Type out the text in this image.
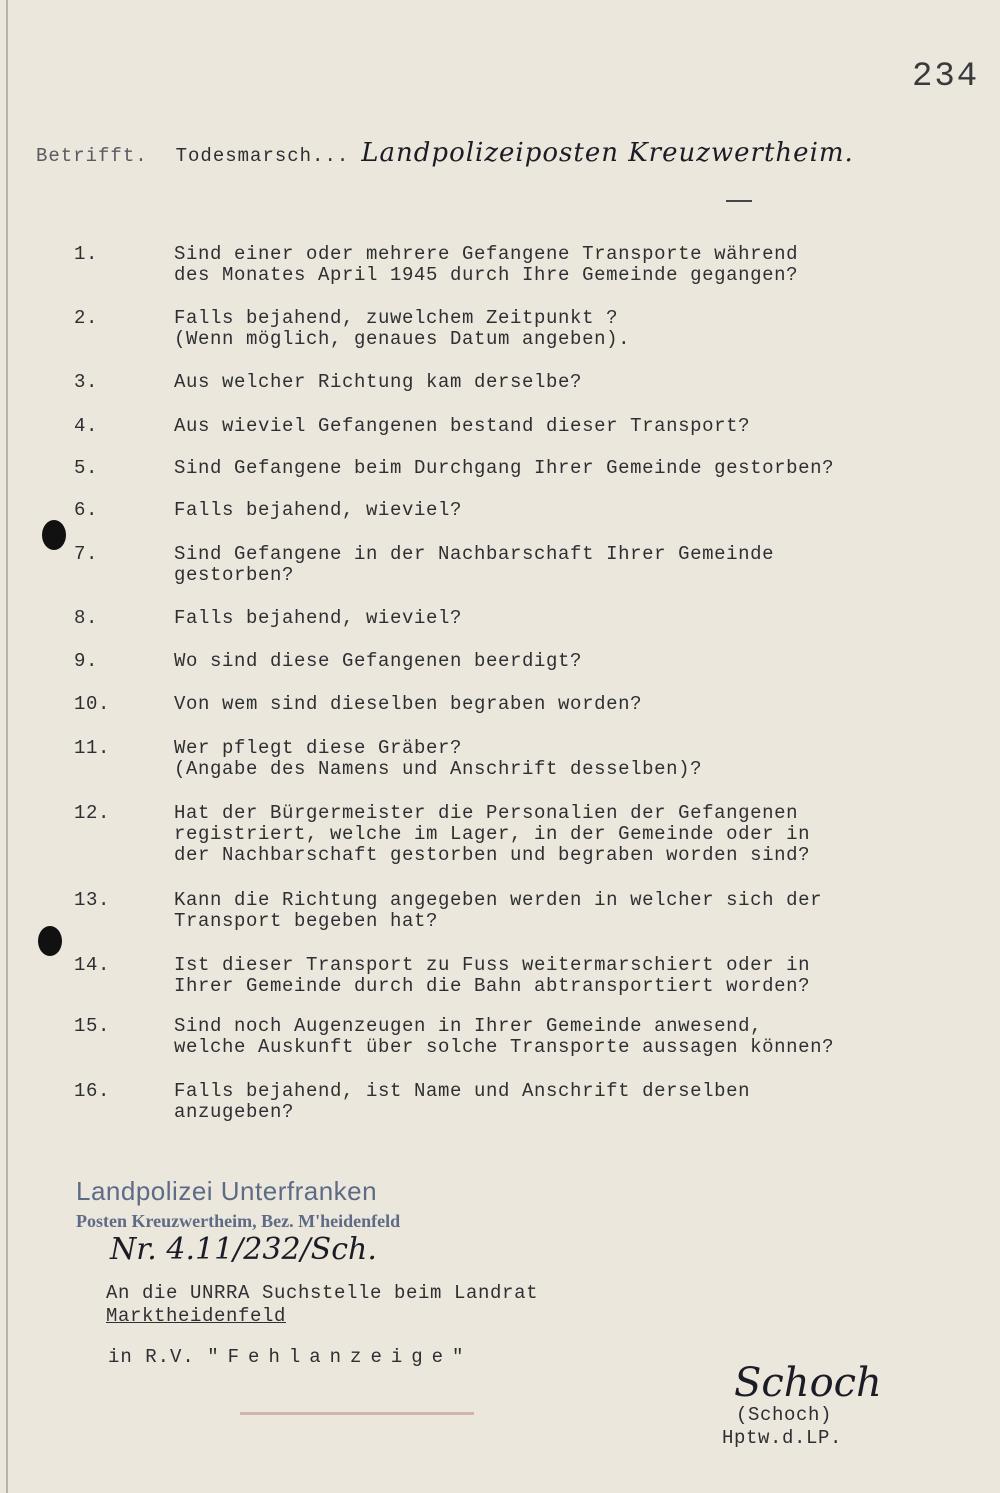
234
Betrifft. Todesmarsch... Landpolizeiposten Kreuzwertheim.
1.	Sind einer oder mehrere Gefangene Transporte während
des Monates April 1945 durch Ihre Gemeinde gegangen?
2.	Falls bejahend, zuwelchem Zeitpunkt ?
(Wenn möglich, genaues Datum angeben).
3.	Aus welcher Richtung kam derselbe?
4.	Aus wieviel Gefangenen bestand dieser Transport?
5.	Sind Gefangene beim Durchgang Ihrer Gemeinde gestorben?
6.	Falls bejahend, wieviel?
7.	Sind Gefangene in der Nachbarschaft Ihrer Gemeinde
gestorben?
8.	Falls bejahend, wieviel?
9.	Wo sind diese Gefangenen beerdigt?
10.	Von wem sind dieselben begraben worden?
11.	Wer pflegt diese Gräber?
(Angabe des Namens und Anschrift desselben)?
12.	Hat der Bürgermeister die Personalien der Gefangenen
registriert, welche im Lager, in der Gemeinde oder in
der Nachbarschaft gestorben und begraben worden sind?
13.	Kann die Richtung angegeben werden in welcher sich der
Transport begeben hat?
14.	Ist dieser Transport zu Fuss weitermarschiert oder in
Ihrer Gemeinde durch die Bahn abtransportiert worden?
15.	Sind noch Augenzeugen in Ihrer Gemeinde anwesend,
welche Auskunft über solche Transporte aussagen können?
16.	Falls bejahend, ist Name und Anschrift derselben
anzugeben?
Landpolizei Unterfranken
Posten Kreuzwertheim, Bez. M'heidenfeld
Nr. 4.11/232/Sch.
An die UNRRA Suchstelle beim Landrat
Marktheidenfeld
in R.V. "Fehlanzeige"
Schoch
(Schoch)
Hptw.d.LP.
